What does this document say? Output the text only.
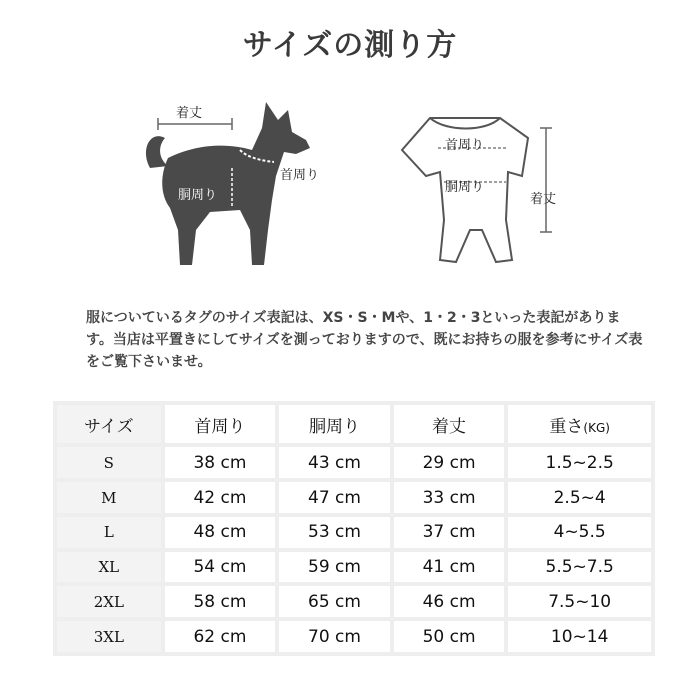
サイズの測り方
着丈
首周り
胴周り
首周り
胴周り
着丈
服についているタグのサイズ表記は、XS・S・Mや、1・2・3といった表記があります。当店は平置きにしてサイズを測っておりますので、既にお持ちの服を参考にサイズ表をご覧下さいませ。
サイズ	首周り	胴周り	着丈	重さ(KG)
S	38 cm	43 cm	29 cm	1.5~2.5
M	42 cm	47 cm	33 cm	2.5~4
L	48 cm	53 cm	37 cm	4~5.5
XL	54 cm	59 cm	41 cm	5.5~7.5
2XL	58 cm	65 cm	46 cm	7.5~10
3XL	62 cm	70 cm	50 cm	10~14
